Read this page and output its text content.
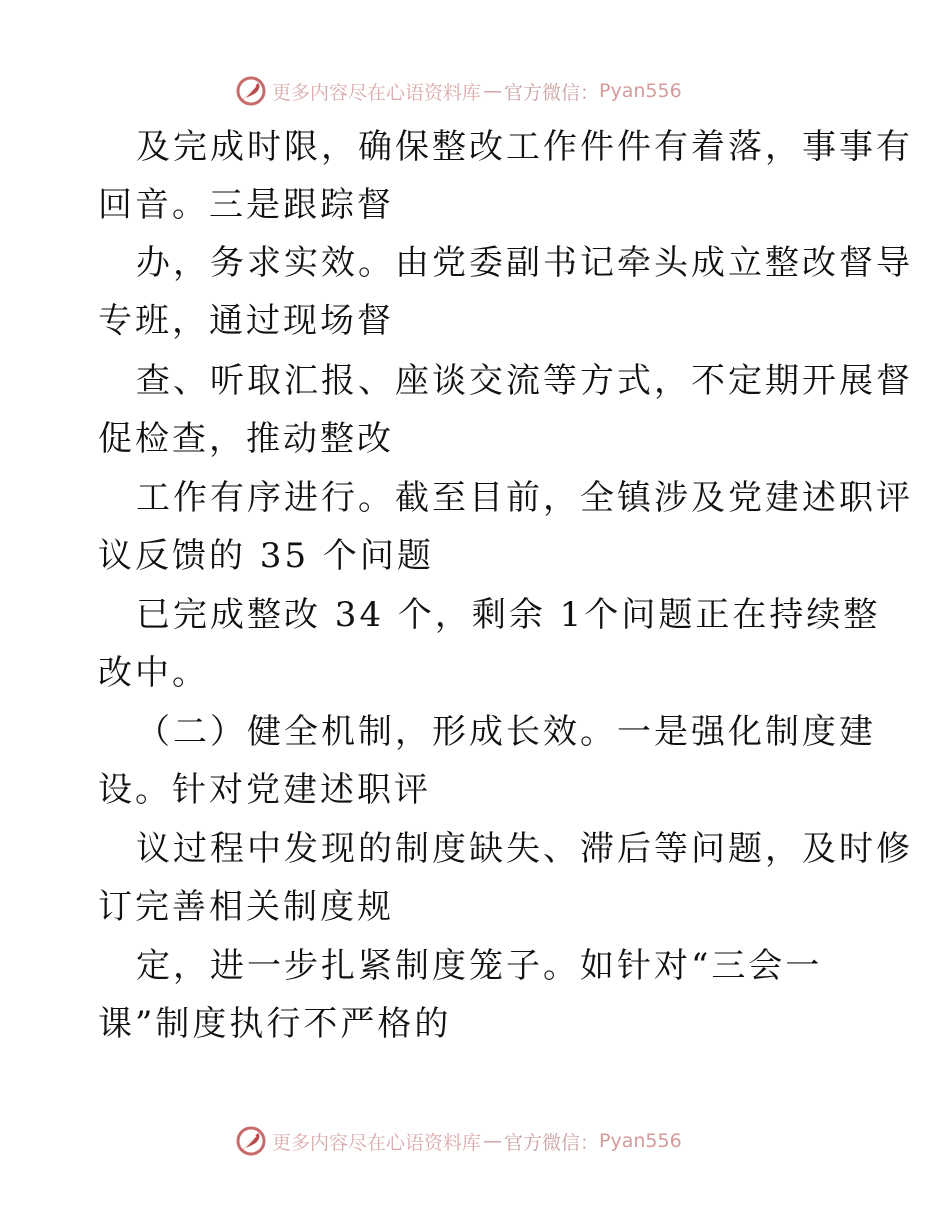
更多内容尽在心语资料库 — 官方微信： Pyan556
及完成时限，确保整改工作件件有着落，事事有
回音。三是跟踪督
办，务求实效。由党委副书记牵头成立整改督导
专班，通过现场督
查、听取汇报、座谈交流等方式，不定期开展督
促检查，推动整改
工作有序进行。截至目前，全镇涉及党建述职评
议反馈的 35 个问题
已完成整改 34 个，剩余 1个问题正在持续整
改中。
（二）健全机制，形成长效。一是强化制度建
设。针对党建述职评
议过程中发现的制度缺失、滞后等问题，及时修
订完善相关制度规
定，进一步扎紧制度笼子。如针对“三会一
课”制度执行不严格的
更多内容尽在心语资料库 — 官方微信： Pyan556
